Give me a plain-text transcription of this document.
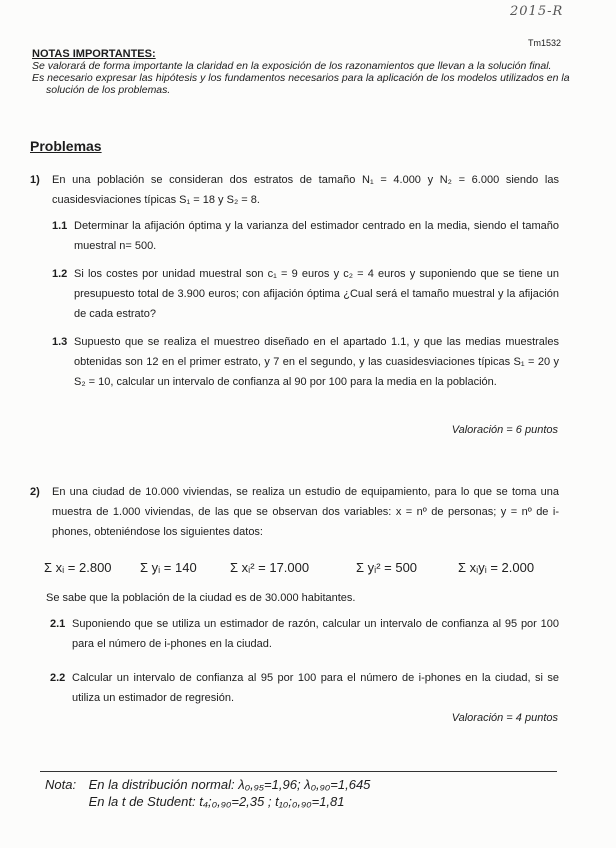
2015-R
Tm1532
NOTAS IMPORTANTES:

Se valorará de forma importante la claridad en la exposición de los razonamientos que llevan a la solución final.

Es necesario expresar las hipótesis y los fundamentos necesarios para la aplicación de los modelos utilizados en la solución de los problemas.

Problemas
1) En una población se consideran dos estratos de tamaño N₁ = 4.000 y N₂ = 6.000 siendo las cuasidesviaciones típicas S₁ = 18 y S₂ = 8.
1.1 Determinar la afijación óptima y la varianza del estimador centrado en la media, siendo el tamaño muestral n= 500.
1.2 Si los costes por unidad muestral son c₁ = 9 euros y c₂ = 4 euros y suponiendo que se tiene un presupuesto total de 3.900 euros; con afijación óptima ¿Cual será el tamaño muestral y la afijación de cada estrato?
1.3 Supuesto que se realiza el muestreo diseñado en el apartado 1.1, y que las medias muestrales obtenidas son 12 en el primer estrato, y 7 en el segundo, y las cuasidesviaciones típicas S₁ = 20 y S₂ = 10, calcular un intervalo de confianza al 90 por 100 para la media en la población.
Valoración = 6 puntos
2) En una ciudad de 10.000 viviendas, se realiza un estudio de equipamiento, para lo que se toma una muestra de 1.000 viviendas, de las que se observan dos variables: x = nº de personas; y = nº de i-phones, obteniéndose los siguientes datos:
Σ xᵢ = 2.800 Σ yᵢ = 140	Σ xᵢ² = 17.000	Σ yᵢ² = 500	Σ xᵢyᵢ = 2.000
Se sabe que la población de la ciudad es de 30.000 habitantes.
2.1 Suponiendo que se utiliza un estimador de razón, calcular un intervalo de confianza al 95 por 100 para el número de i-phones en la ciudad.
2.2 Calcular un intervalo de confianza al 95 por 100 para el número de i-phones en la ciudad, si se utiliza un estimador de regresión.
Valoración = 4 puntos
Nota: En la distribución normal: λ₀,₉₅=1,96; λ₀,₉₀=1,645
En la t de Student: t₄;₀,₉₀=2,35 ; t₁₀;₀,₉₀=1,81
